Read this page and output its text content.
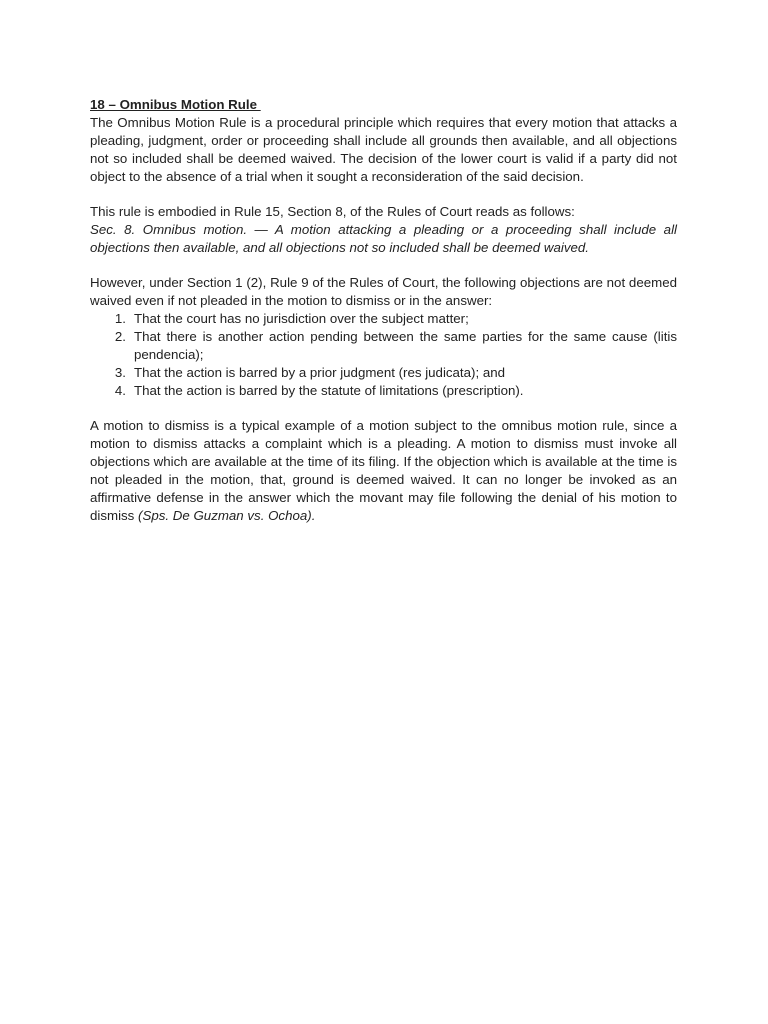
18 – Omnibus Motion Rule

The Omnibus Motion Rule is a procedural principle which requires that every motion that attacks a pleading, judgment, order or proceeding shall include all grounds then available, and all objections not so included shall be deemed waived. The decision of the lower court is valid if a party did not object to the absence of a trial when it sought a reconsideration of the said decision.

This rule is embodied in Rule 15, Section 8, of the Rules of Court reads as follows:

Sec. 8. Omnibus motion. — A motion attacking a pleading or a proceeding shall include all objections then available, and all objections not so included shall be deemed waived.

However, under Section 1 (2), Rule 9 of the Rules of Court, the following objections are not deemed waived even if not pleaded in the motion to dismiss or in the answer:

1. That the court has no jurisdiction over the subject matter;
2. That there is another action pending between the same parties for the same cause (litis pendencia);
3. That the action is barred by a prior judgment (res judicata); and
4. That the action is barred by the statute of limitations (prescription).

A motion to dismiss is a typical example of a motion subject to the omnibus motion rule, since a motion to dismiss attacks a complaint which is a pleading. A motion to dismiss must invoke all objections which are available at the time of its filing. If the objection which is available at the time is not pleaded in the motion, that, ground is deemed waived. It can no longer be invoked as an affirmative defense in the answer which the movant may file following the denial of his motion to dismiss (Sps. De Guzman vs. Ochoa).
